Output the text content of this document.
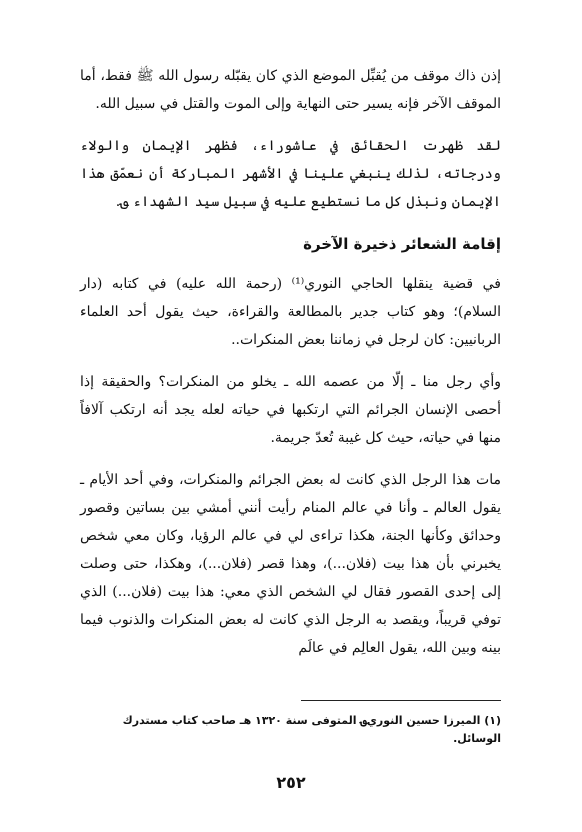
إذن ذاك موقف من يُقبِّل الموضع الذي كان يقبّله رسول الله ﷺ فقط، أما الموقف الآخر فإنه يسير حتى النهاية وإلى الموت والقتل في سبيل الله.

لقد ظهرت الحقائق في عاشوراء، فظهر الإيمان والولاء ودرجاته، لذلك ينبغي علينا في الأشهر المباركة أن نعمّق هذا الإيمان ونبذل كل ما نستطيع عليه في سبيل سيد الشهداء ؈.

إقامة الشعائر ذخيرة الآخرة

في قضية ينقلها الحاجي النوري⁽¹⁾ (رحمة الله عليه) في كتابه (دار السلام)؛ وهو كتاب جدير بالمطالعة والقراءة، حيث يقول أحد العلماء الربانيين: كان لرجل في زماننا بعض المنكرات..

وأي رجل منا ـ إلّا من عصمه الله ـ يخلو من المنكرات؟ والحقيقة إذا أحصى الإنسان الجرائم التي ارتكبها في حياته لعله يجد أنه ارتكب آلافاً منها في حياته، حيث كل غيبة تُعدّ جريمة.

مات هذا الرجل الذي كانت له بعض الجرائم والمنكرات، وفي أحد الأيام ـ يقول العالم ـ وأنا في عالم المنام رأيت أنني أمشي بين بساتين وقصور وحدائق وكأنها الجنة، هكذا تراءى لي في عالم الرؤيا، وكان معي شخص يخبرني بأن هذا بيت (فلان...)، وهذا قصر (فلان...)، وهكذا، حتى وصلت إلى إحدى القصور فقال لي الشخص الذي معي: هذا بيت (فلان...) الذي توفي قريباً، ويقصد به الرجل الذي كانت له بعض المنكرات والذنوب فيما بينه وبين الله، يقول العالِم في عالَم

(١) الميرزا حسين النوري؈ المتوفى سنة ١٣٢٠ هـ صاحب كتاب مستدرك الوسائل.
٢٥٢
